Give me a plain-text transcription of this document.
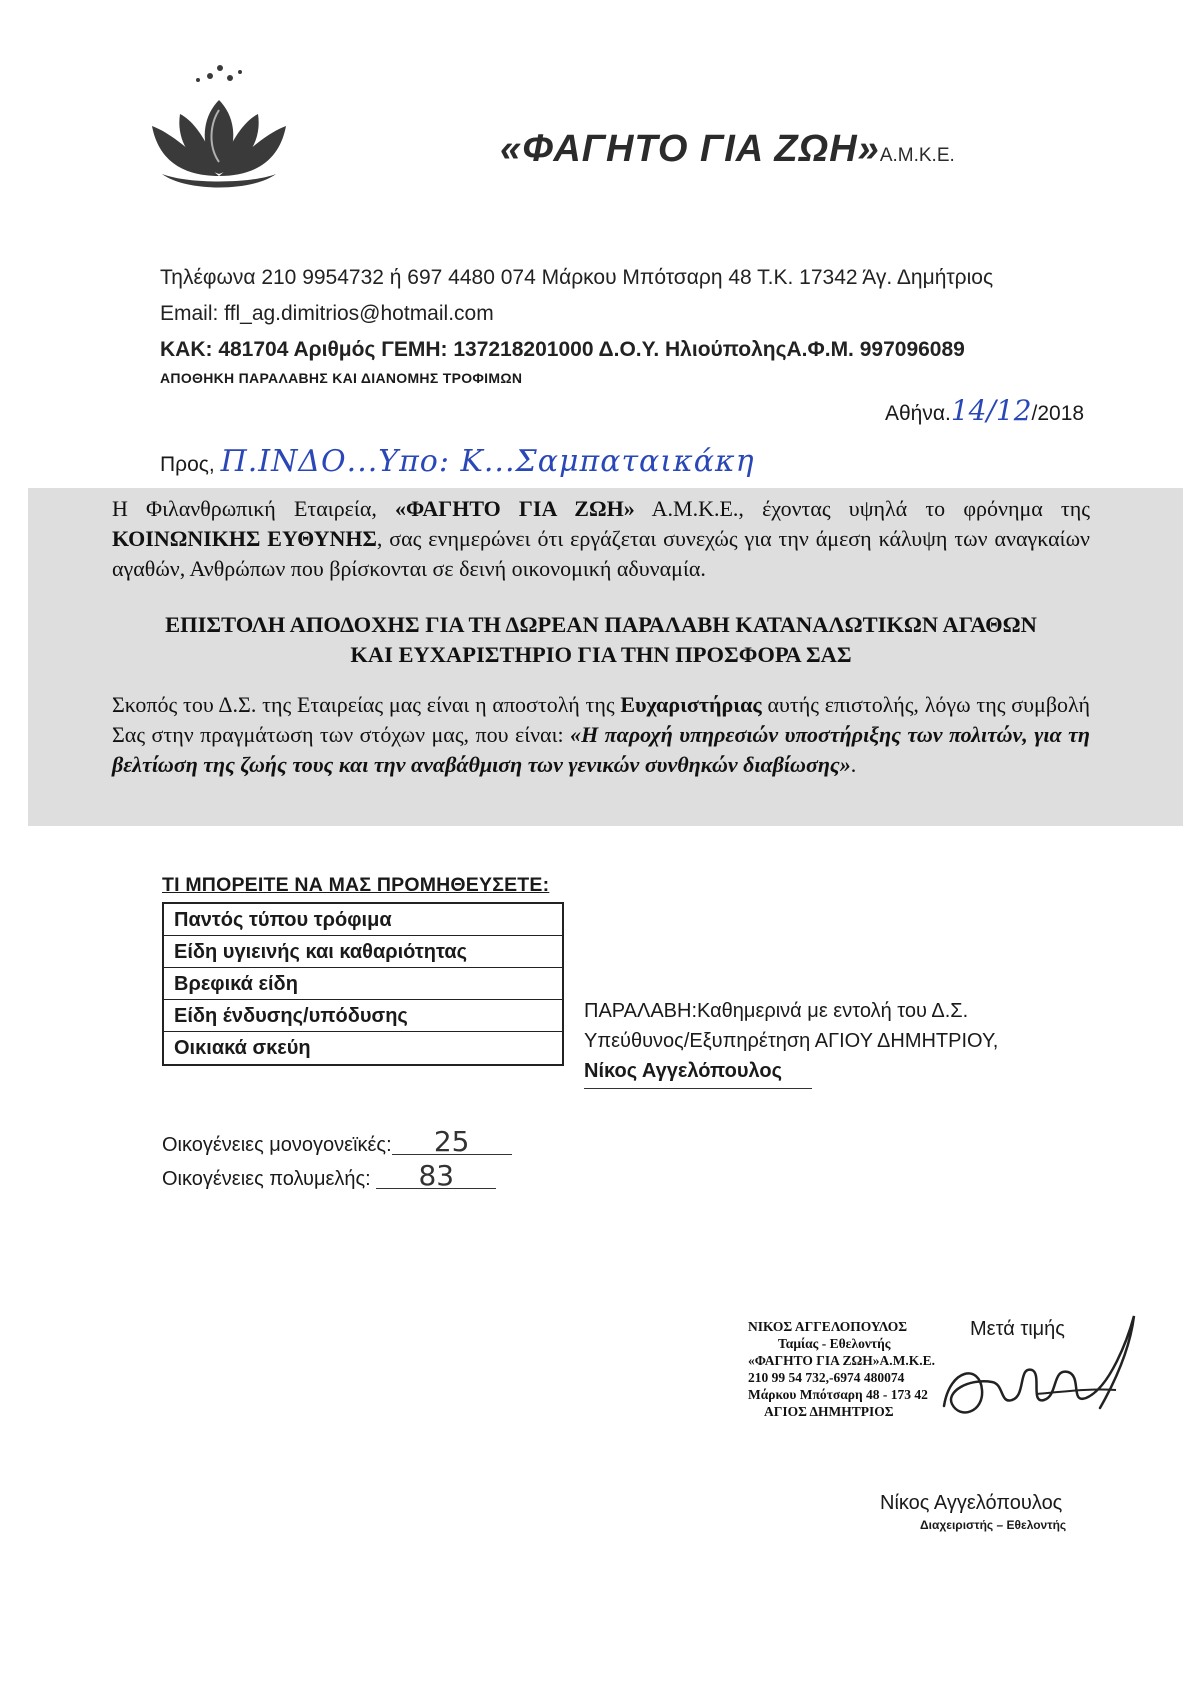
«ΦΑΓΗΤΟ ΓΙΑ ΖΩΗ»Α.Μ.Κ.Ε.
Τηλέφωνα 210 9954732 ή 697 4480 074 Μάρκου Μπότσαρη 48 Τ.Κ. 17342 Άγ. Δημήτριος
Email: ffl_ag.dimitrios@hotmail.com
ΚΑΚ: 481704 Αριθμός ΓΕΜΗ: 137218201000 Δ.Ο.Υ. ΗλιούποληςΑ.Φ.Μ. 997096089
ΑΠΟΘΗΚΗ ΠΑΡΑΛΑΒΗΣ ΚΑΙ ΔΙΑΝΟΜΗΣ ΤΡΟΦΙΜΩΝ
Αθήνα.14/12/2018
Προς, Π.ΙΝΔΟ...Υπο: Κ...Σαμπαταικάκη
Η Φιλανθρωπική Εταιρεία, «ΦΑΓΗΤΟ ΓΙΑ ΖΩΗ» Α.Μ.Κ.Ε., έχοντας υψηλά το φρόνημα της ΚΟΙΝΩΝΙΚΗΣ ΕΥΘΥΝΗΣ, σας ενημερώνει ότι εργάζεται συνεχώς για την άμεση κάλυψη των αναγκαίων αγαθών, Ανθρώπων που βρίσκονται σε δεινή οικονομική αδυναμία.
ΕΠΙΣΤΟΛΗ ΑΠΟΔΟΧΗΣ ΓΙΑ ΤΗ ΔΩΡΕΑΝ ΠΑΡΑΛΑΒΗ ΚΑΤΑΝΑΛΩΤΙΚΩΝ ΑΓΑΘΩΝ
ΚΑΙ ΕΥΧΑΡΙΣΤΗΡΙΟ ΓΙΑ ΤΗΝ ΠΡΟΣΦΟΡΑ ΣΑΣ
Σκοπός του Δ.Σ. της Εταιρείας μας είναι η αποστολή της Ευχαριστήριας αυτής επιστολής, λόγω της συμβολή Σας στην πραγμάτωση των στόχων μας, που είναι: «Η παροχή υπηρεσιών υποστήριξης των πολιτών, για τη βελτίωση της ζωής τους και την αναβάθμιση των γενικών συνθηκών διαβίωσης».
ΤΙ ΜΠΟΡΕΙΤΕ ΝΑ ΜΑΣ ΠΡΟΜΗΘΕΥΣΕΤΕ:
Παντός τύπου τρόφιμα
Είδη υγιεινής και καθαριότητας
Βρεφικά είδη
Είδη ένδυσης/υπόδυσης
Οικιακά σκεύη
ΠΑΡΑΛΑΒΗ:Καθημερινά με εντολή του Δ.Σ.
Υπεύθυνος/Εξυπηρέτηση ΑΓΙΟΥ ΔΗΜΗΤΡΙΟΥ,
Νίκος Αγγελόπουλος
Οικογένειες μονογονεϊκές: 25
Οικογένειες πολυμελής: 83
ΝΙΚΟΣ ΑΓΓΕΛΟΠΟΥΛΟΣ
Ταμίας - Εθελοντής
«ΦΑΓΗΤΟ ΓΙΑ ΖΩΗ»Α.Μ.Κ.Ε.
210 99 54 732,-6974 480074
Μάρκου Μπότσαρη 48 - 173 42
ΑΓΙΟΣ ΔΗΜΗΤΡΙΟΣ
Μετά τιμής
Νίκος Αγγελόπουλος
Διαχειριστής – Εθελοντής
